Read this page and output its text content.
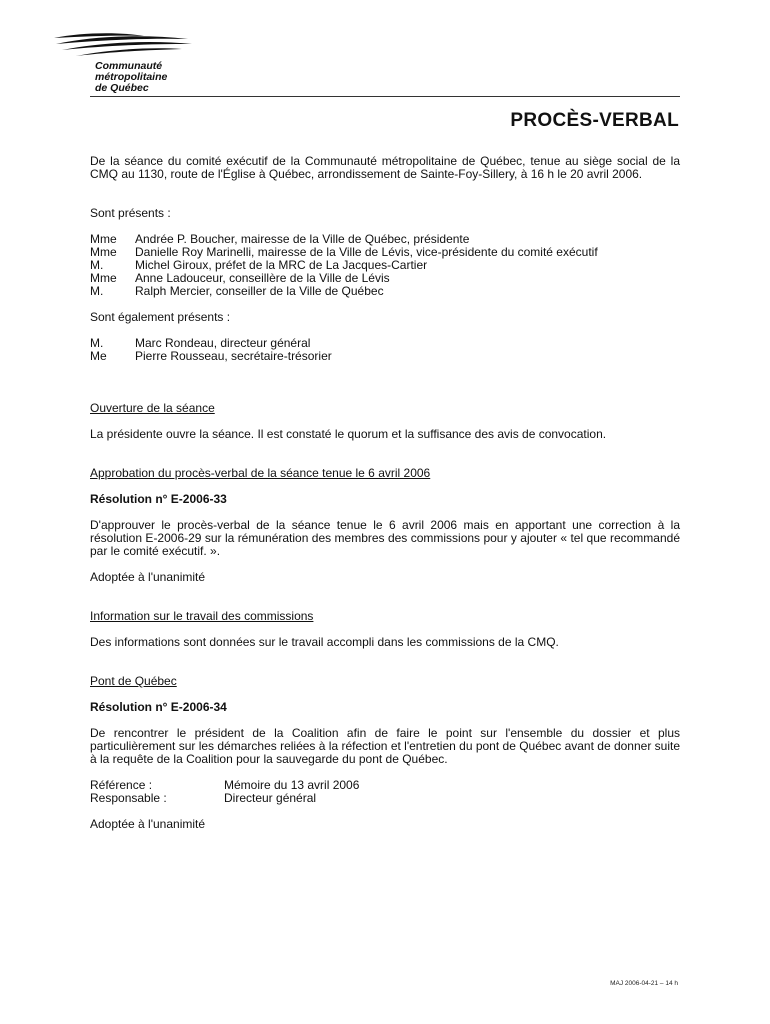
Communauté
métropolitaine
de Québec
PROCÈS-VERBAL

De la séance du comité exécutif de la Communauté métropolitaine de Québec, tenue au siège social de la CMQ au 1130, route de l'Église à Québec, arrondissement de Sainte-Foy-Sillery, à 16 h le 20 avril 2006.

Sont présents :

Mme	Andrée P. Boucher, mairesse de la Ville de Québec, présidente
Mme	Danielle Roy Marinelli, mairesse de la Ville de Lévis, vice-présidente du comité exécutif
M.	Michel Giroux, préfet de la MRC de La Jacques-Cartier
Mme	Anne Ladouceur, conseillère de la Ville de Lévis
M.	Ralph Mercier, conseiller de la Ville de Québec

Sont également présents :

M.	Marc Rondeau, directeur général
Me	Pierre Rousseau, secrétaire-trésorier

Ouverture de la séance

La présidente ouvre la séance. Il est constaté le quorum et la suffisance des avis de convocation.

Approbation du procès-verbal de la séance tenue le 6 avril 2006

Résolution n° E-2006-33

D'approuver le procès-verbal de la séance tenue le 6 avril 2006 mais en apportant une correction à la résolution E-2006-29 sur la rémunération des membres des commissions pour y ajouter « tel que recommandé par le comité exécutif. ».

Adoptée à l'unanimité

Information sur le travail des commissions

Des informations sont données sur le travail accompli dans les commissions de la CMQ.

Pont de Québec

Résolution n° E-2006-34

De rencontrer le président de la Coalition afin de faire le point sur l'ensemble du dossier et plus particulièrement sur les démarches reliées à la réfection et l'entretien du pont de Québec avant de donner suite à la requête de la Coalition pour la sauvegarde du pont de Québec.

Référence :	Mémoire du 13 avril 2006
Responsable :	Directeur général

Adoptée à l'unanimité

MAJ 2006-04-21 – 14 h
